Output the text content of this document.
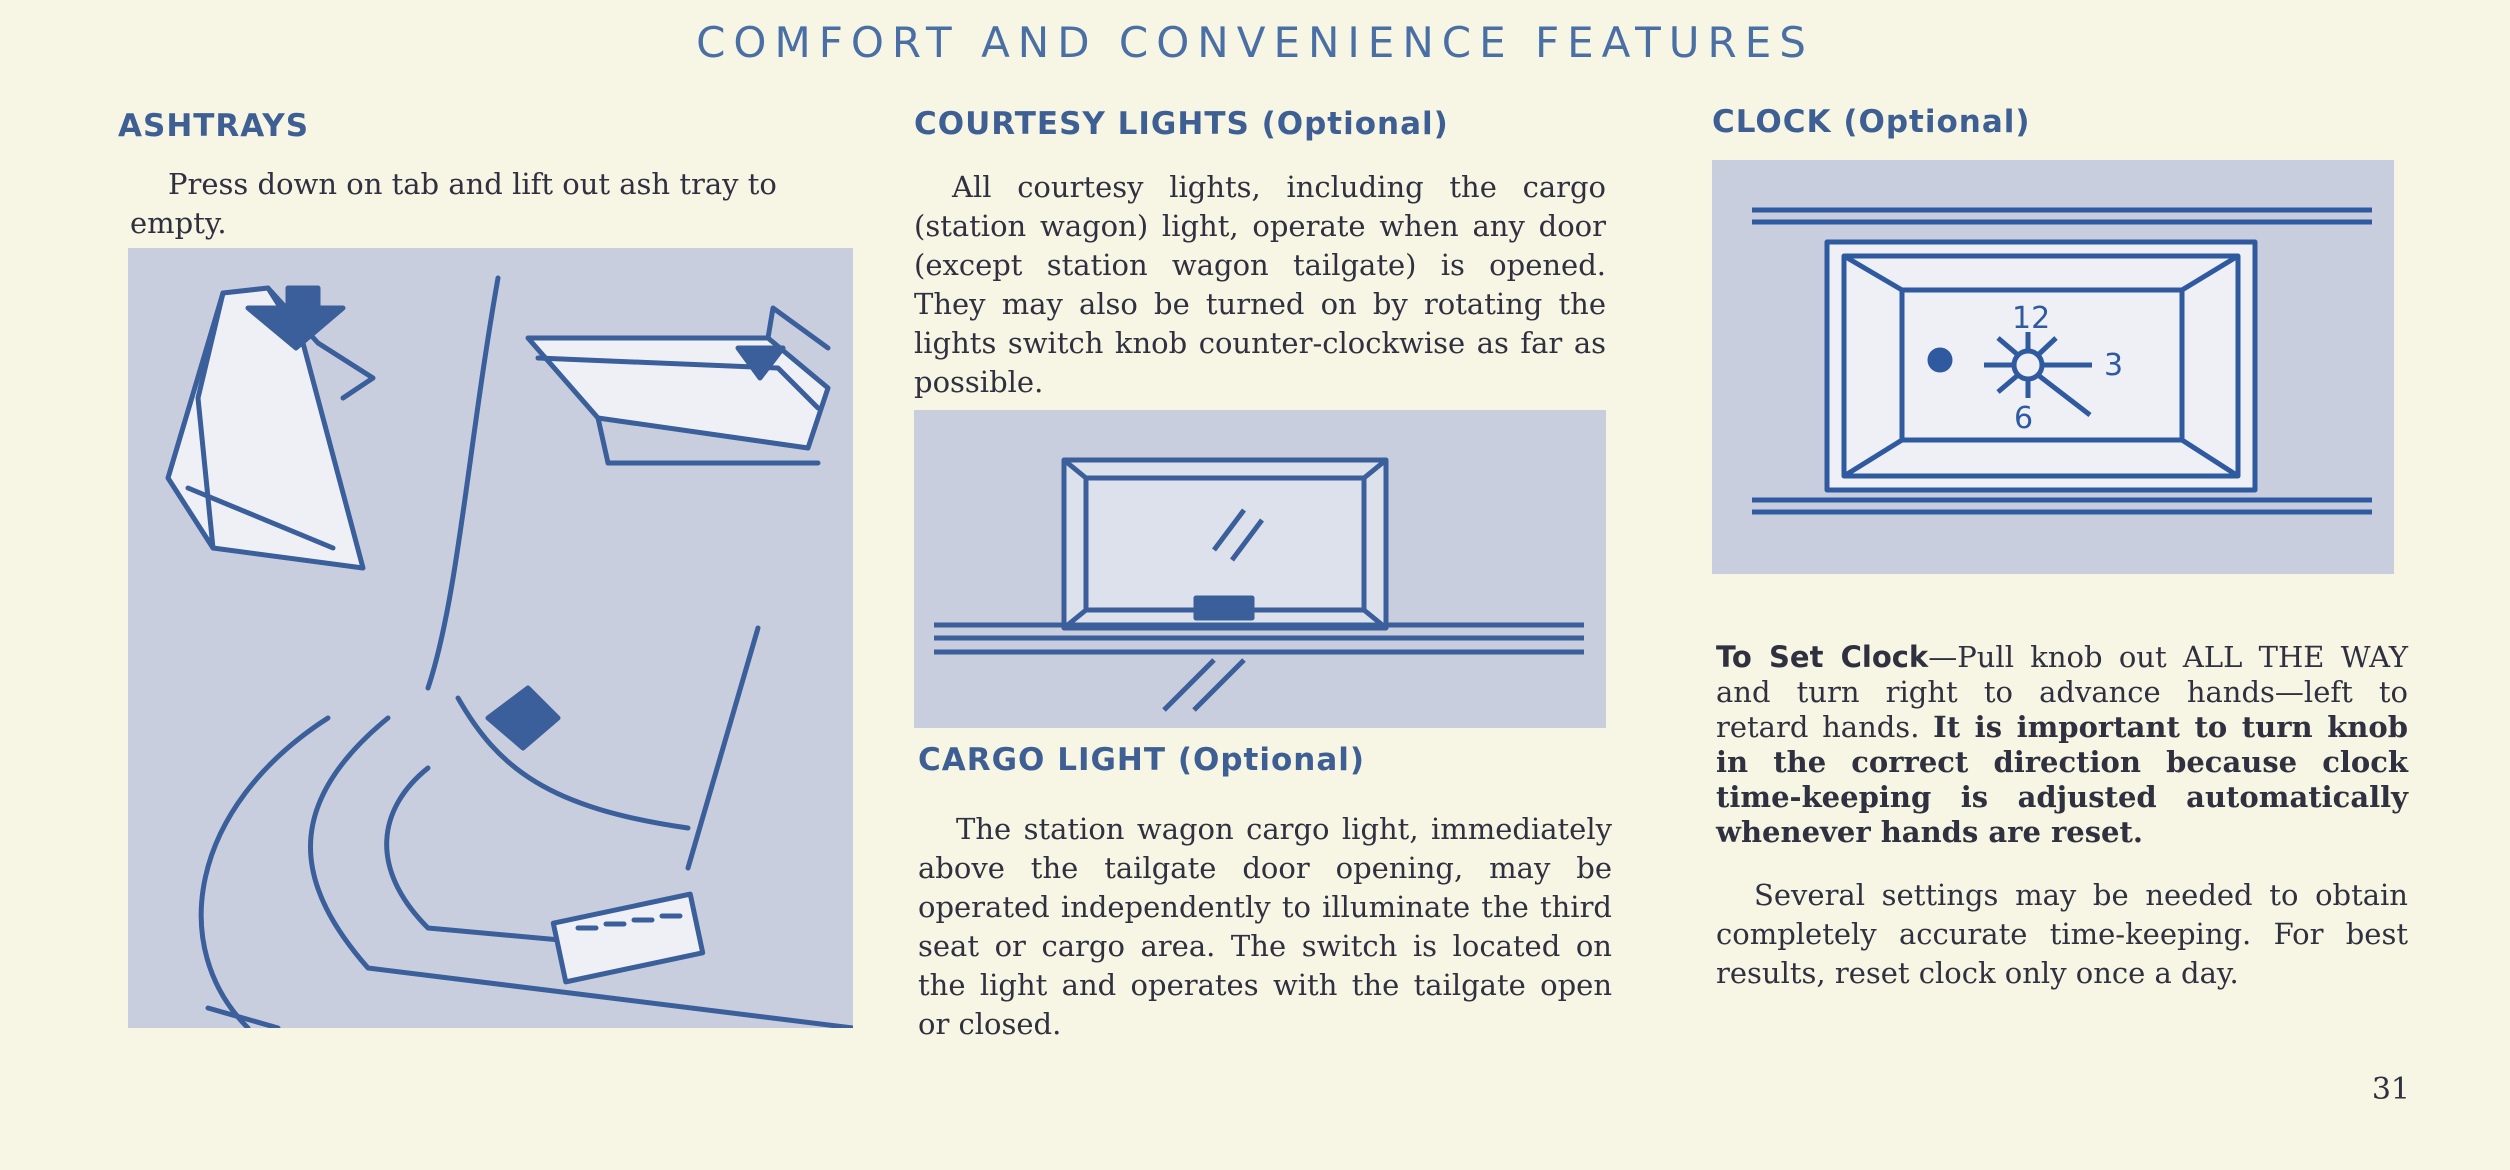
COMFORT AND CONVENIENCE FEATURES
ASHTRAYS

Press down on tab and lift out ash tray to empty.

COURTESY LIGHTS (Optional)

All courtesy lights, including the cargo (station wagon) light, operate when any door (except station wagon tailgate) is opened. They may also be turned on by rotating the lights switch knob counter-clockwise as far as possible.

CARGO LIGHT (Optional)

The station wagon cargo light, immediately above the tailgate door opening, may be operated independently to illuminate the third seat or cargo area. The switch is located on the light and operates with the tailgate open or closed.

CLOCK (Optional)
12
3
6

To Set Clock—Pull knob out ALL THE WAY and turn right to advance hands—left to retard hands. It is important to turn knob in the correct direction because clock time-keeping is adjusted automatically whenever hands are reset.

Several settings may be needed to obtain completely accurate time-keeping. For best results, reset clock only once a day.

31
